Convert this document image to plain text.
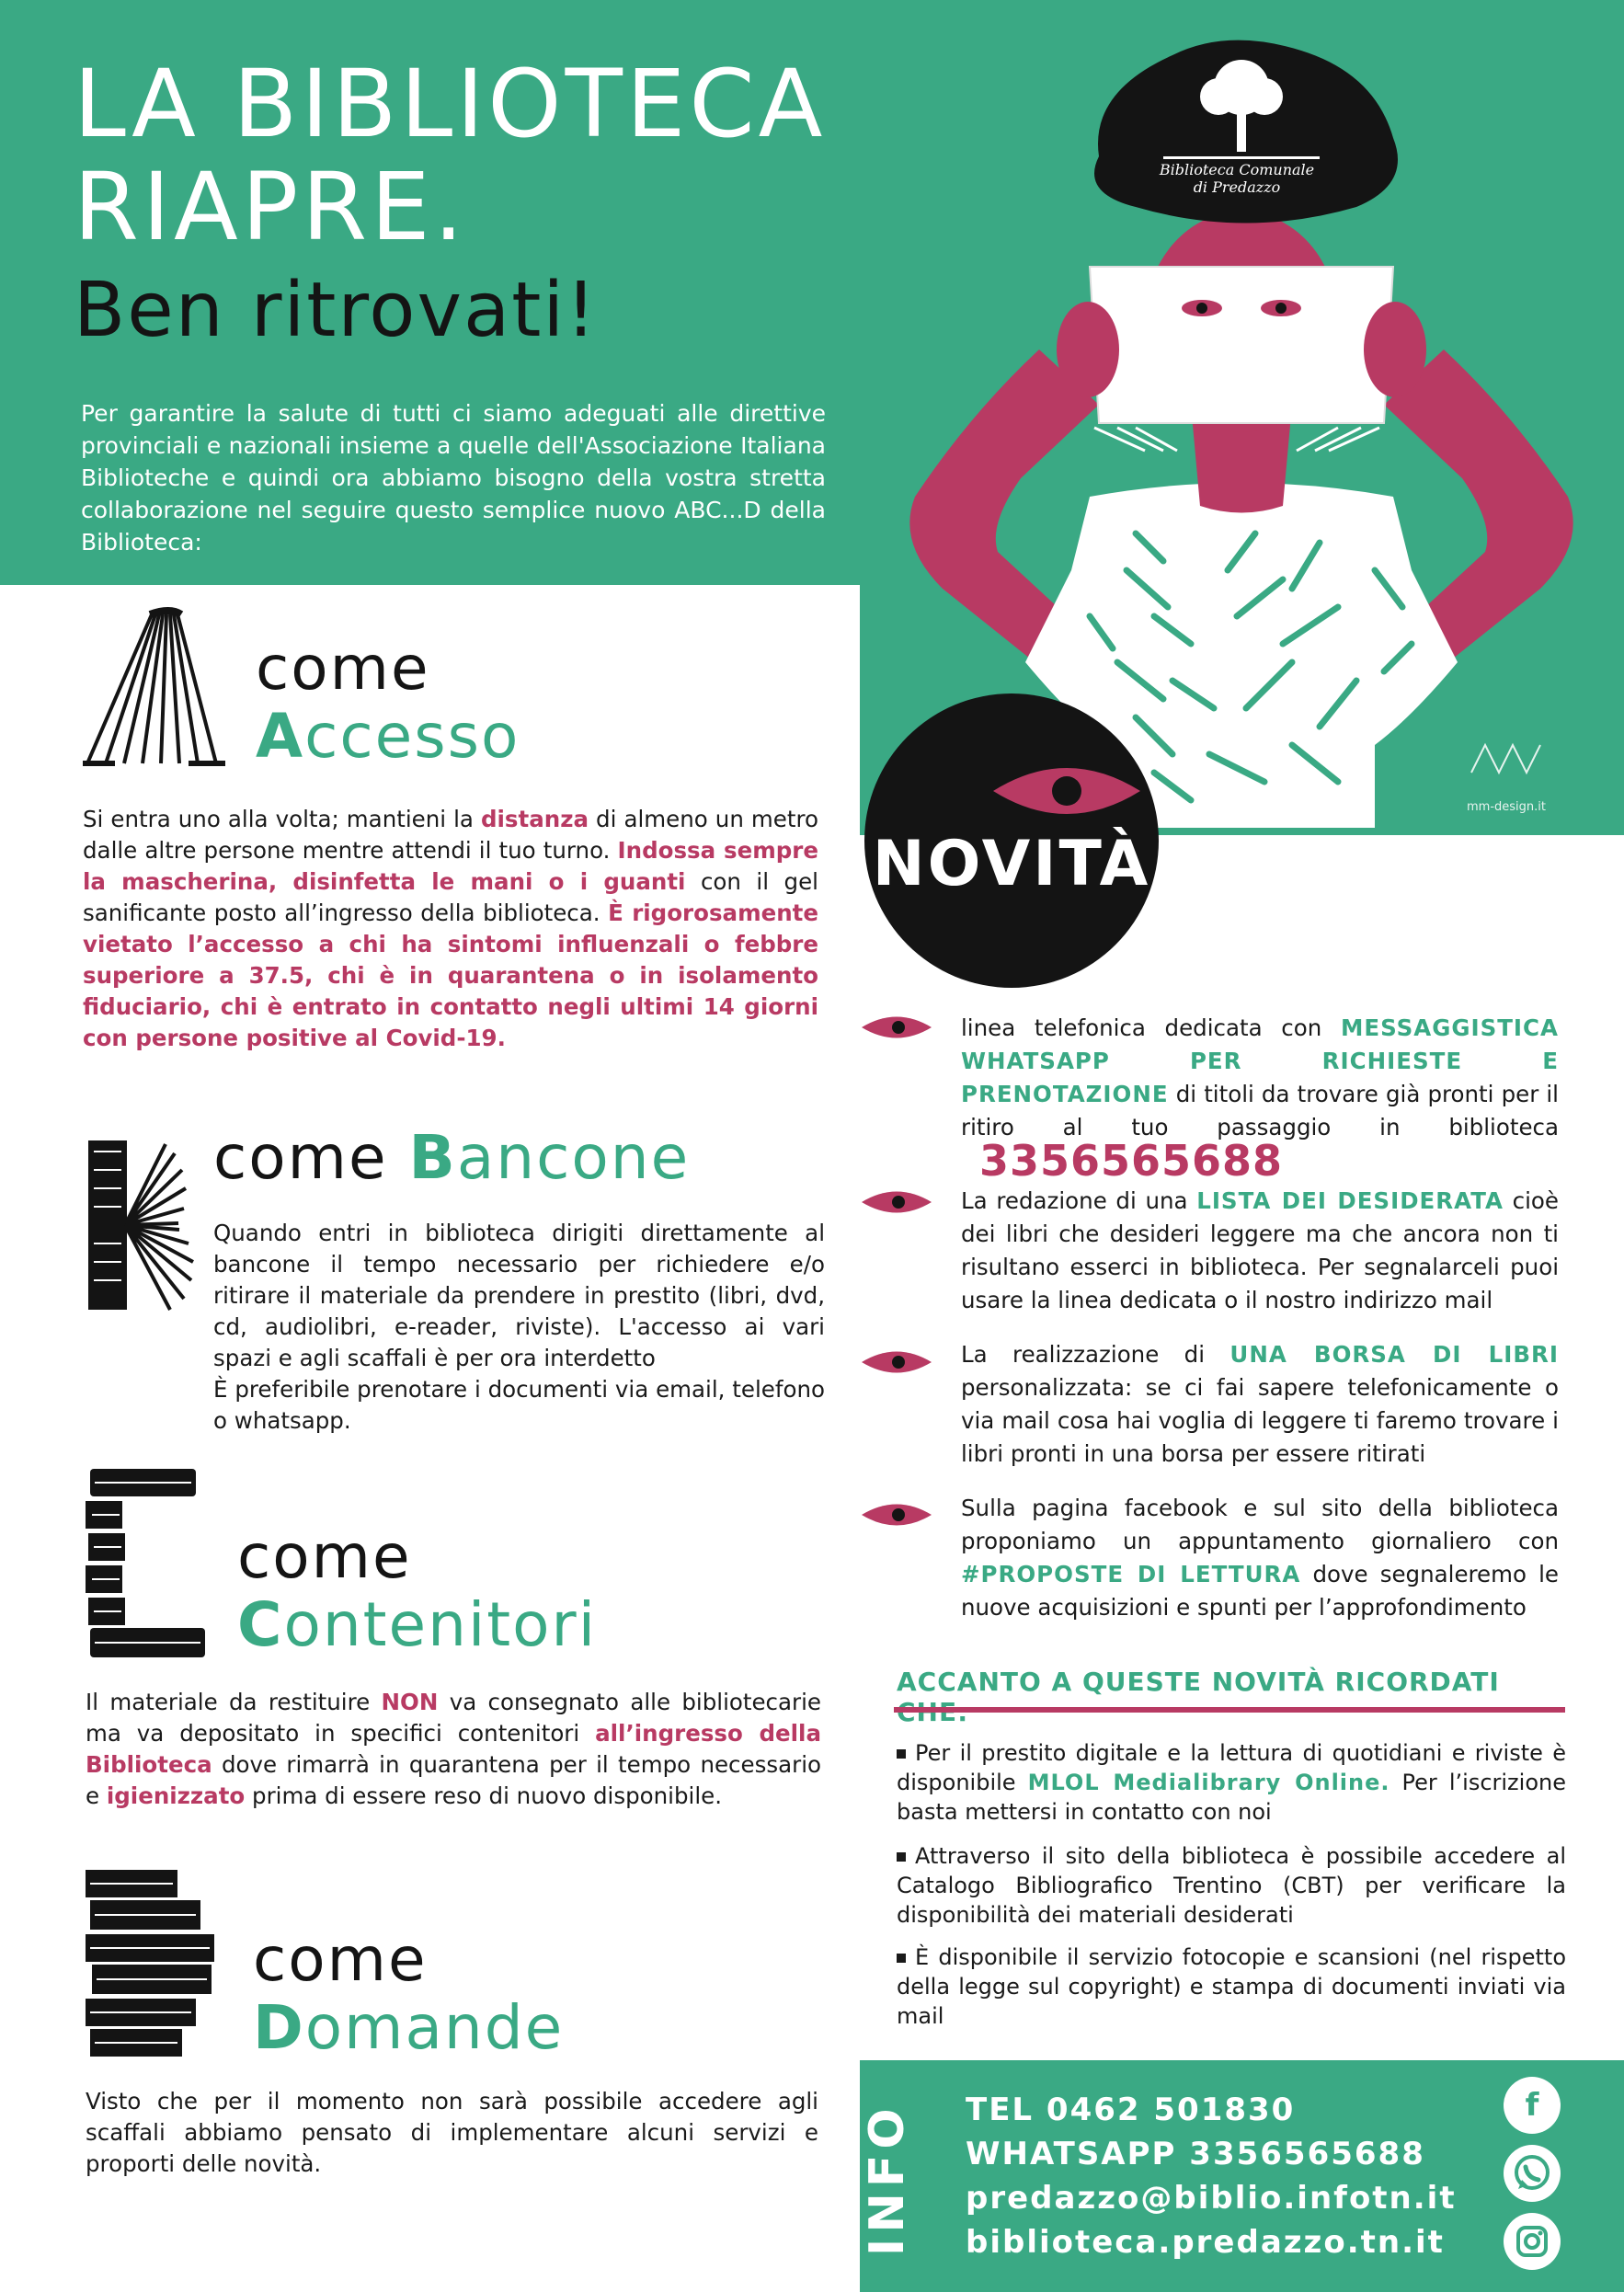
LA BIBLIOTECA
RIAPRE.
Ben ritrovati!
Per garantire la salute di tutti ci siamo adeguati alle direttive provinciali e nazionali insieme a quelle dell'Associazione Italiana Biblioteche e quindi ora abbiamo bisogno della vostra stretta collaborazione nel seguire questo semplice nuovo ABC...D della Biblioteca:
Biblioteca Comunale
di Predazzo
mm-design.it
come
Accesso
Si entra uno alla volta; mantieni la distanza di almeno un metro dalle altre persone mentre attendi il tuo turno. Indossa sempre la mascherina, disinfetta le mani o i guanti con il gel sanificante posto all’ingresso della biblioteca. È rigorosamente vietato l’accesso a chi ha sintomi influenzali o febbre superiore a 37.5, chi è in quarantena o in isolamento fiduciario, chi è entrato in contatto negli ultimi 14 giorni con persone positive al Covid-19.
come Bancone
Quando entri in biblioteca dirigiti direttamente al bancone il tempo necessario per richiedere e/o ritirare il materiale da prendere in prestito (libri, dvd, cd, audiolibri, e-reader, riviste). L'accesso ai vari spazi e agli scaffali è per ora interdetto
È preferibile prenotare i documenti via email, telefono o whatsapp.
come
Contenitori
Il materiale da restituire NON va consegnato alle bibliotecarie ma va depositato in specifici contenitori all’ingresso della Biblioteca dove rimarrà in quarantena per il tempo necessario e igienizzato prima di essere reso di nuovo disponibile.
come
Domande
Visto che per il momento non sarà possibile accedere agli scaffali abbiamo pensato di implementare alcuni servizi e proporti delle novità.
NOVITÀ
linea telefonica dedicata con MESSAGGISTICA WHATSAPP PER RICHIESTE E PRENOTAZIONE di titoli da trovare già pronti per il ritiro al tuo passaggio in biblioteca 3356565688
La redazione di una LISTA DEI DESIDERATA cioè dei libri che desideri leggere ma che ancora non ti risultano esserci in biblioteca. Per segnalarceli puoi usare la linea dedicata o il nostro indirizzo mail
La realizzazione di UNA BORSA DI LIBRI personalizzata: se ci fai sapere telefonicamente o via mail cosa hai voglia di leggere ti faremo trovare i libri pronti in una borsa per essere ritirati
Sulla pagina facebook e sul sito della biblioteca proponiamo un appuntamento giornaliero con #PROPOSTE DI LETTURA dove segnaleremo le nuove acquisizioni e spunti per l’approfondimento
ACCANTO A QUESTE NOVITÀ RICORDATI
Per il prestito digitale e la lettura di quotidiani e riviste è disponibile MLOL Medialibrary Online. Per l’iscrizione basta mettersi in contatto con noi
Attraverso il sito della biblioteca è possibile accedere al Catalogo Bibliografico Trentino (CBT) per verificare la disponibilità dei materiali desiderati
È disponibile il servizio fotocopie e scansioni (nel rispetto della legge sul copyright) e stampa di documenti inviati via mail
INFO	TEL 0462 501830
WHATSAPP 3356565688
predazzo@biblio.infotn.it
biblioteca.predazzo.tn.it
f
